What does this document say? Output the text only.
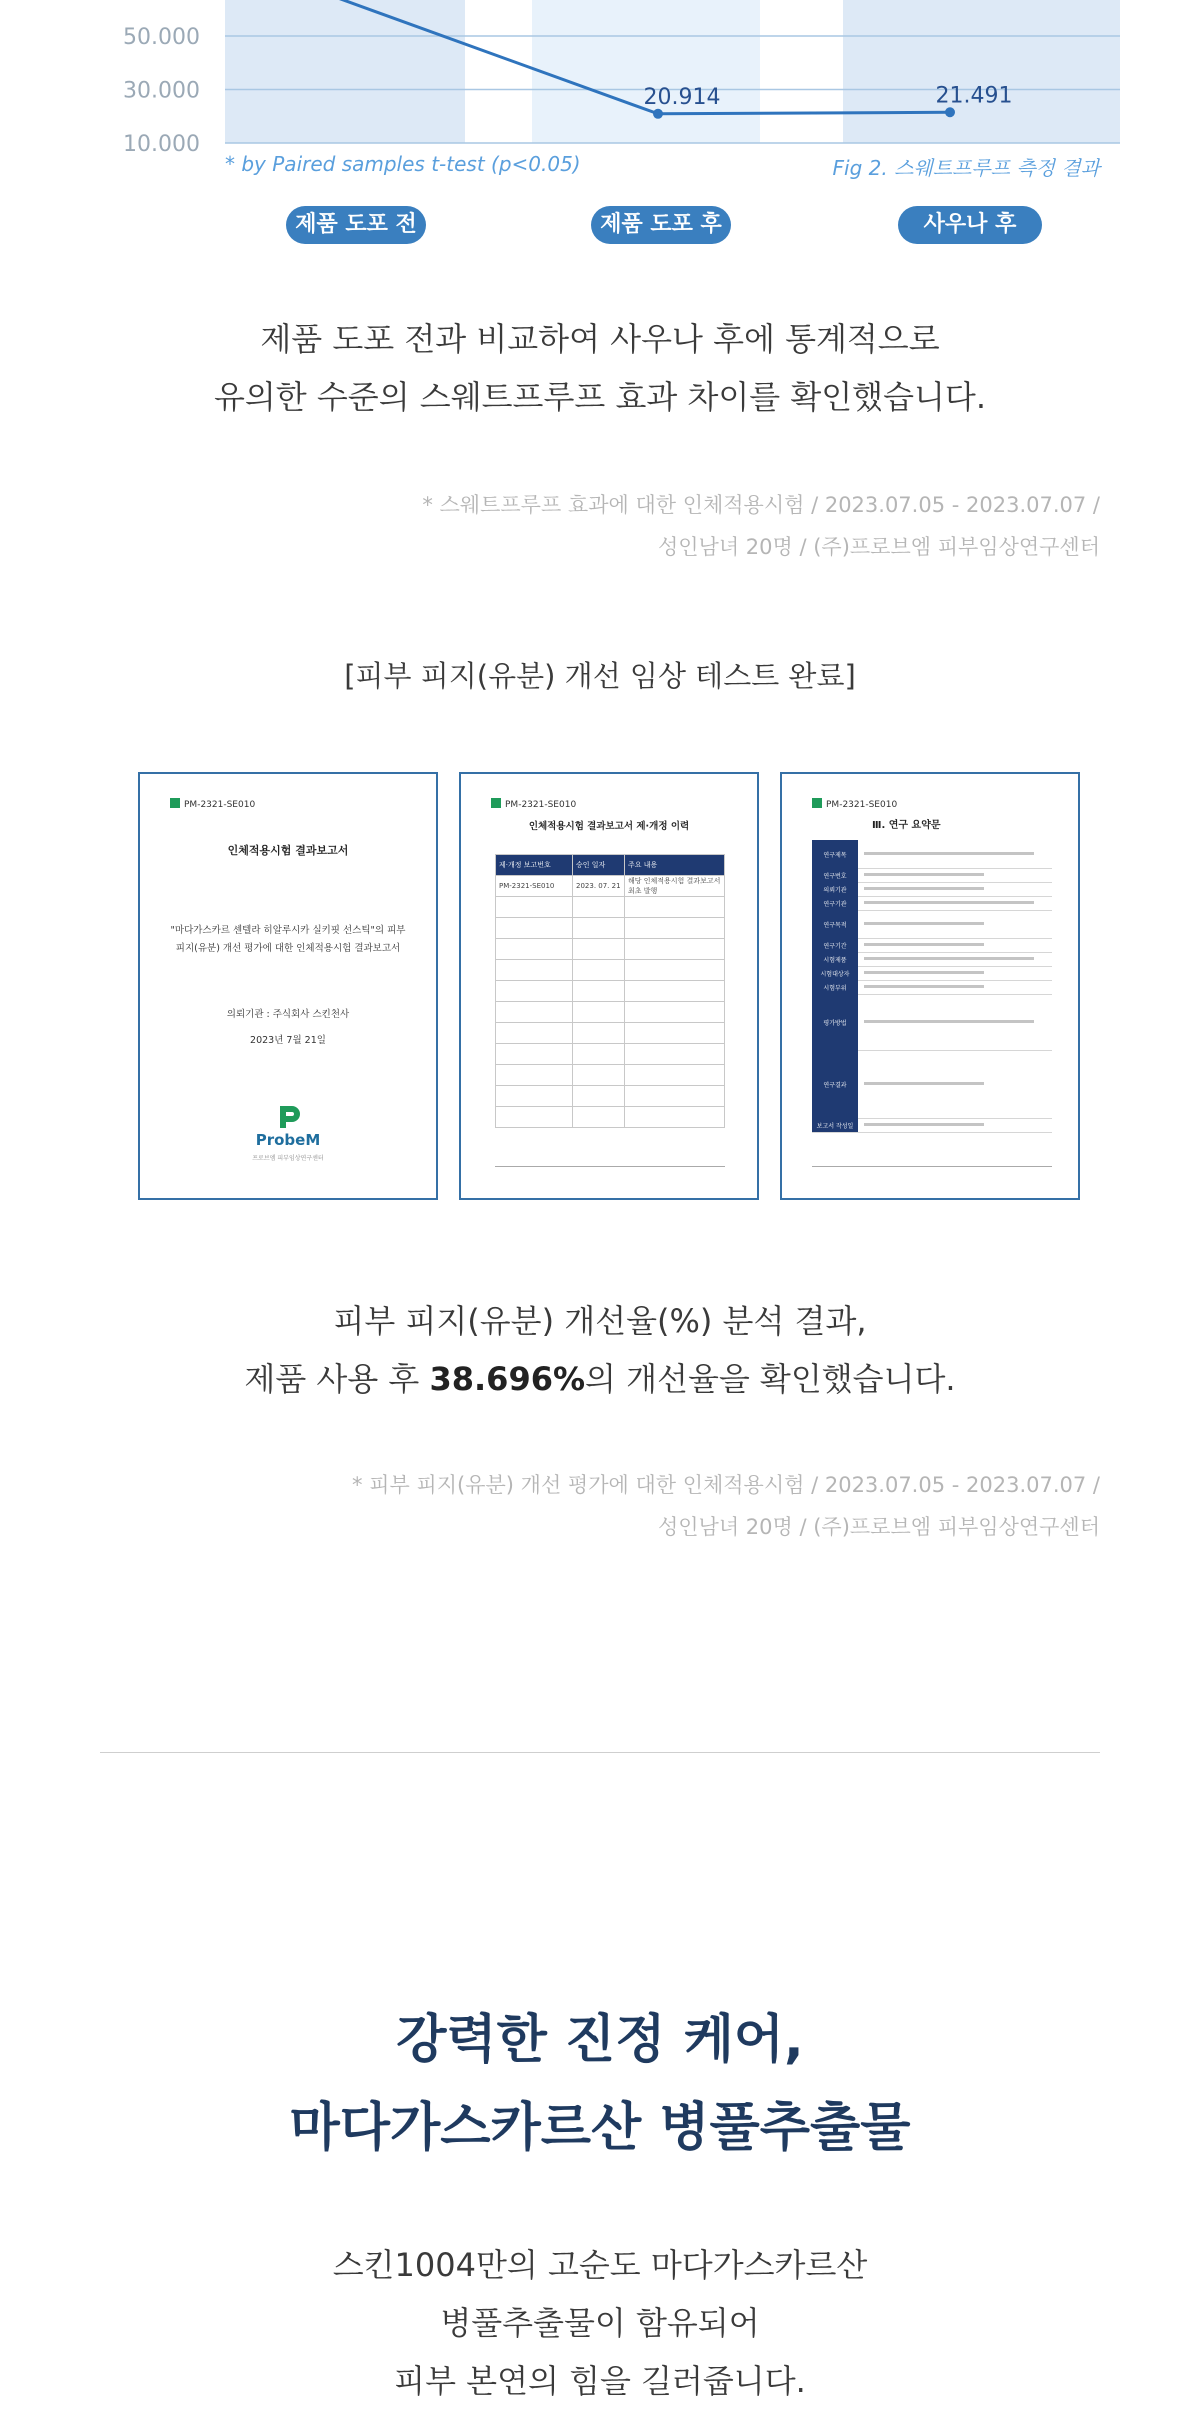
50.000
30.000
10.000
20.914	21.491
* by Paired samples t-test (p<0.05)	Fig 2. 스웨트프루프 측정 결과
제품 도포 전	제품 도포 후	사우나 후
제품 도포 전과 비교하여 사우나 후에 통계적으로
유의한 수준의 스웨트프루프 효과 차이를 확인했습니다.
* 스웨트프루프 효과에 대한 인체적용시험 / 2023.07.05 - 2023.07.07 /
성인남녀 20명 / (주)프로브엠 피부임상연구센터
[피부 피지(유분) 개선 임상 테스트 완료]
PM-2321-SE010
인체적용시험 결과보고서
"마다가스카르 센텔라 히알루시카 실키핏 선스틱"의 피부
피지(유분) 개선 평가에 대한 인체적용시험 결과보고서
의뢰기관 : 주식회사 스킨천사
2023년 7월 21일
ProbeM
프로브엠 피부임상연구센터
PM-2321-SE010
인체적용시험 결과보고서 제·개정 이력
제·개정 보고번호	승인 일자	주요 내용
PM-2321-SE010	2023. 07. 21	해당 인체적용시험 결과보고서 최초 발행

PM-2321-SE010
Ⅲ. 연구 요약문
연구제목
연구번호
의뢰기관
연구기관
연구목적
연구기간
시험제품
시험대상자
시험부위
평가방법
연구결과
보고서 작성일
피부 피지(유분) 개선율(%) 분석 결과,
제품 사용 후 38.696%의 개선율을 확인했습니다.
* 피부 피지(유분) 개선 평가에 대한 인체적용시험 / 2023.07.05 - 2023.07.07 /
성인남녀 20명 / (주)프로브엠 피부임상연구센터
강력한 진정 케어,
마다가스카르산 병풀추출물
스킨1004만의 고순도 마다가스카르산
병풀추출물이 함유되어
피부 본연의 힘을 길러줍니다.
